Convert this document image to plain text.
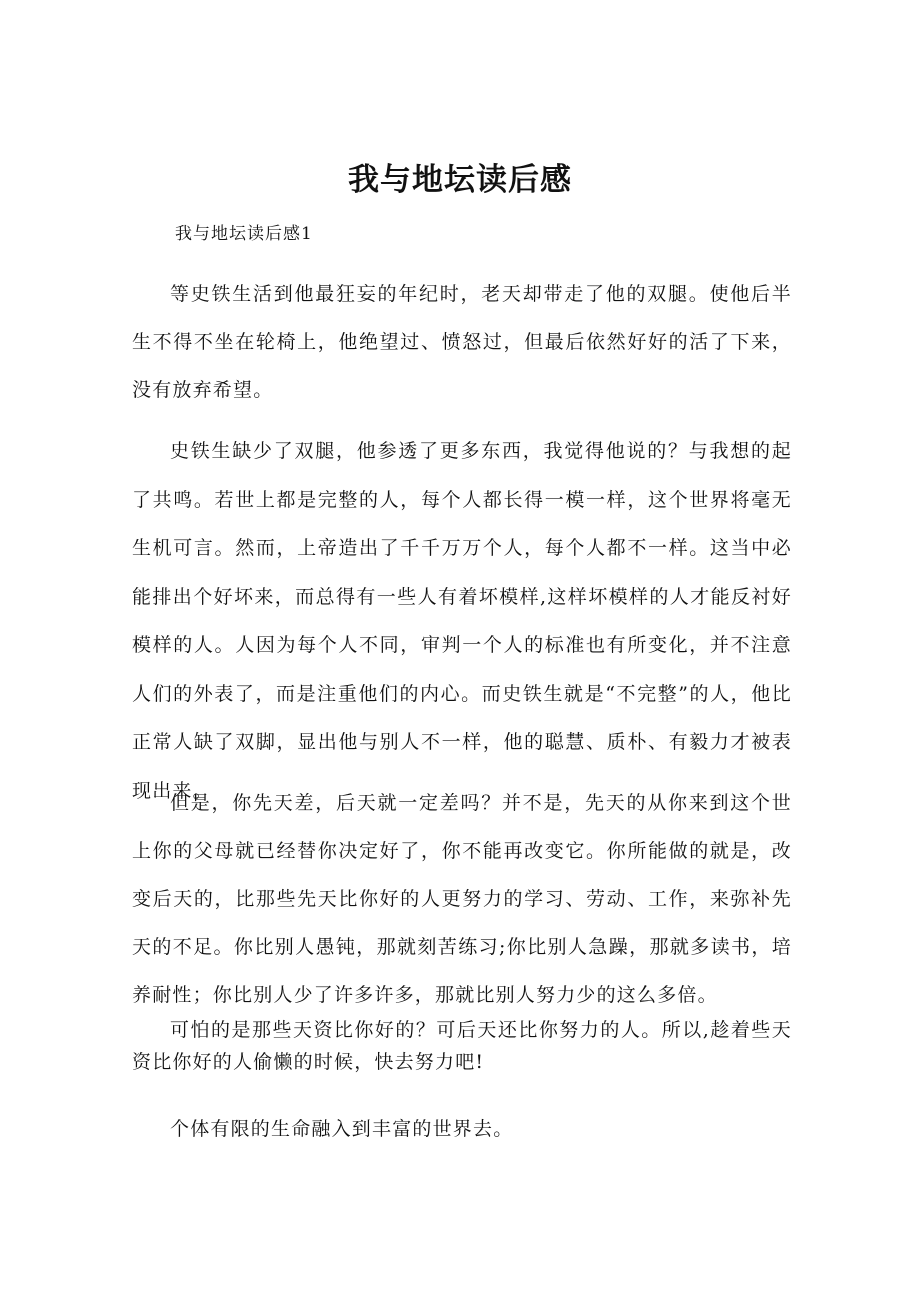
我与地坛读后感
我与地坛读后感1

等史铁生活到他最狂妄的年纪时，老天却带走了他的双腿。使他后半生不得不坐在轮椅上，他绝望过、愤怒过，但最后依然好好的活了下来，没有放弃希望。

史铁生缺少了双腿，他参透了更多东西，我觉得他说的？与我想的起了共鸣。若世上都是完整的人，每个人都长得一模一样，这个世界将毫无生机可言。然而，上帝造出了千千万万个人，每个人都不一样。这当中必能排出个好坏来，而总得有一些人有着坏模样,这样坏模样的人才能反衬好模样的人。人因为每个人不同，审判一个人的标准也有所变化，并不注意人们的外表了，而是注重他们的内心。而史铁生就是“不完整”的人，他比正常人缺了双脚，显出他与别人不一样，他的聪慧、质朴、有毅力才被表现出来。

但是，你先天差，后天就一定差吗？并不是，先天的从你来到这个世上你的父母就已经替你决定好了，你不能再改变它。你所能做的就是，改变后天的，比那些先天比你好的人更努力的学习、劳动、工作，来弥补先天的不足。你比别人愚钝，那就刻苦练习;你比别人急躁，那就多读书，培养耐性；你比别人少了许多许多，那就比别人努力少的这么多倍。

可怕的是那些天资比你好的？可后天还比你努力的人。所以,趁着些天资比你好的人偷懒的时候，快去努力吧!

个体有限的生命融入到丰富的世界去。
